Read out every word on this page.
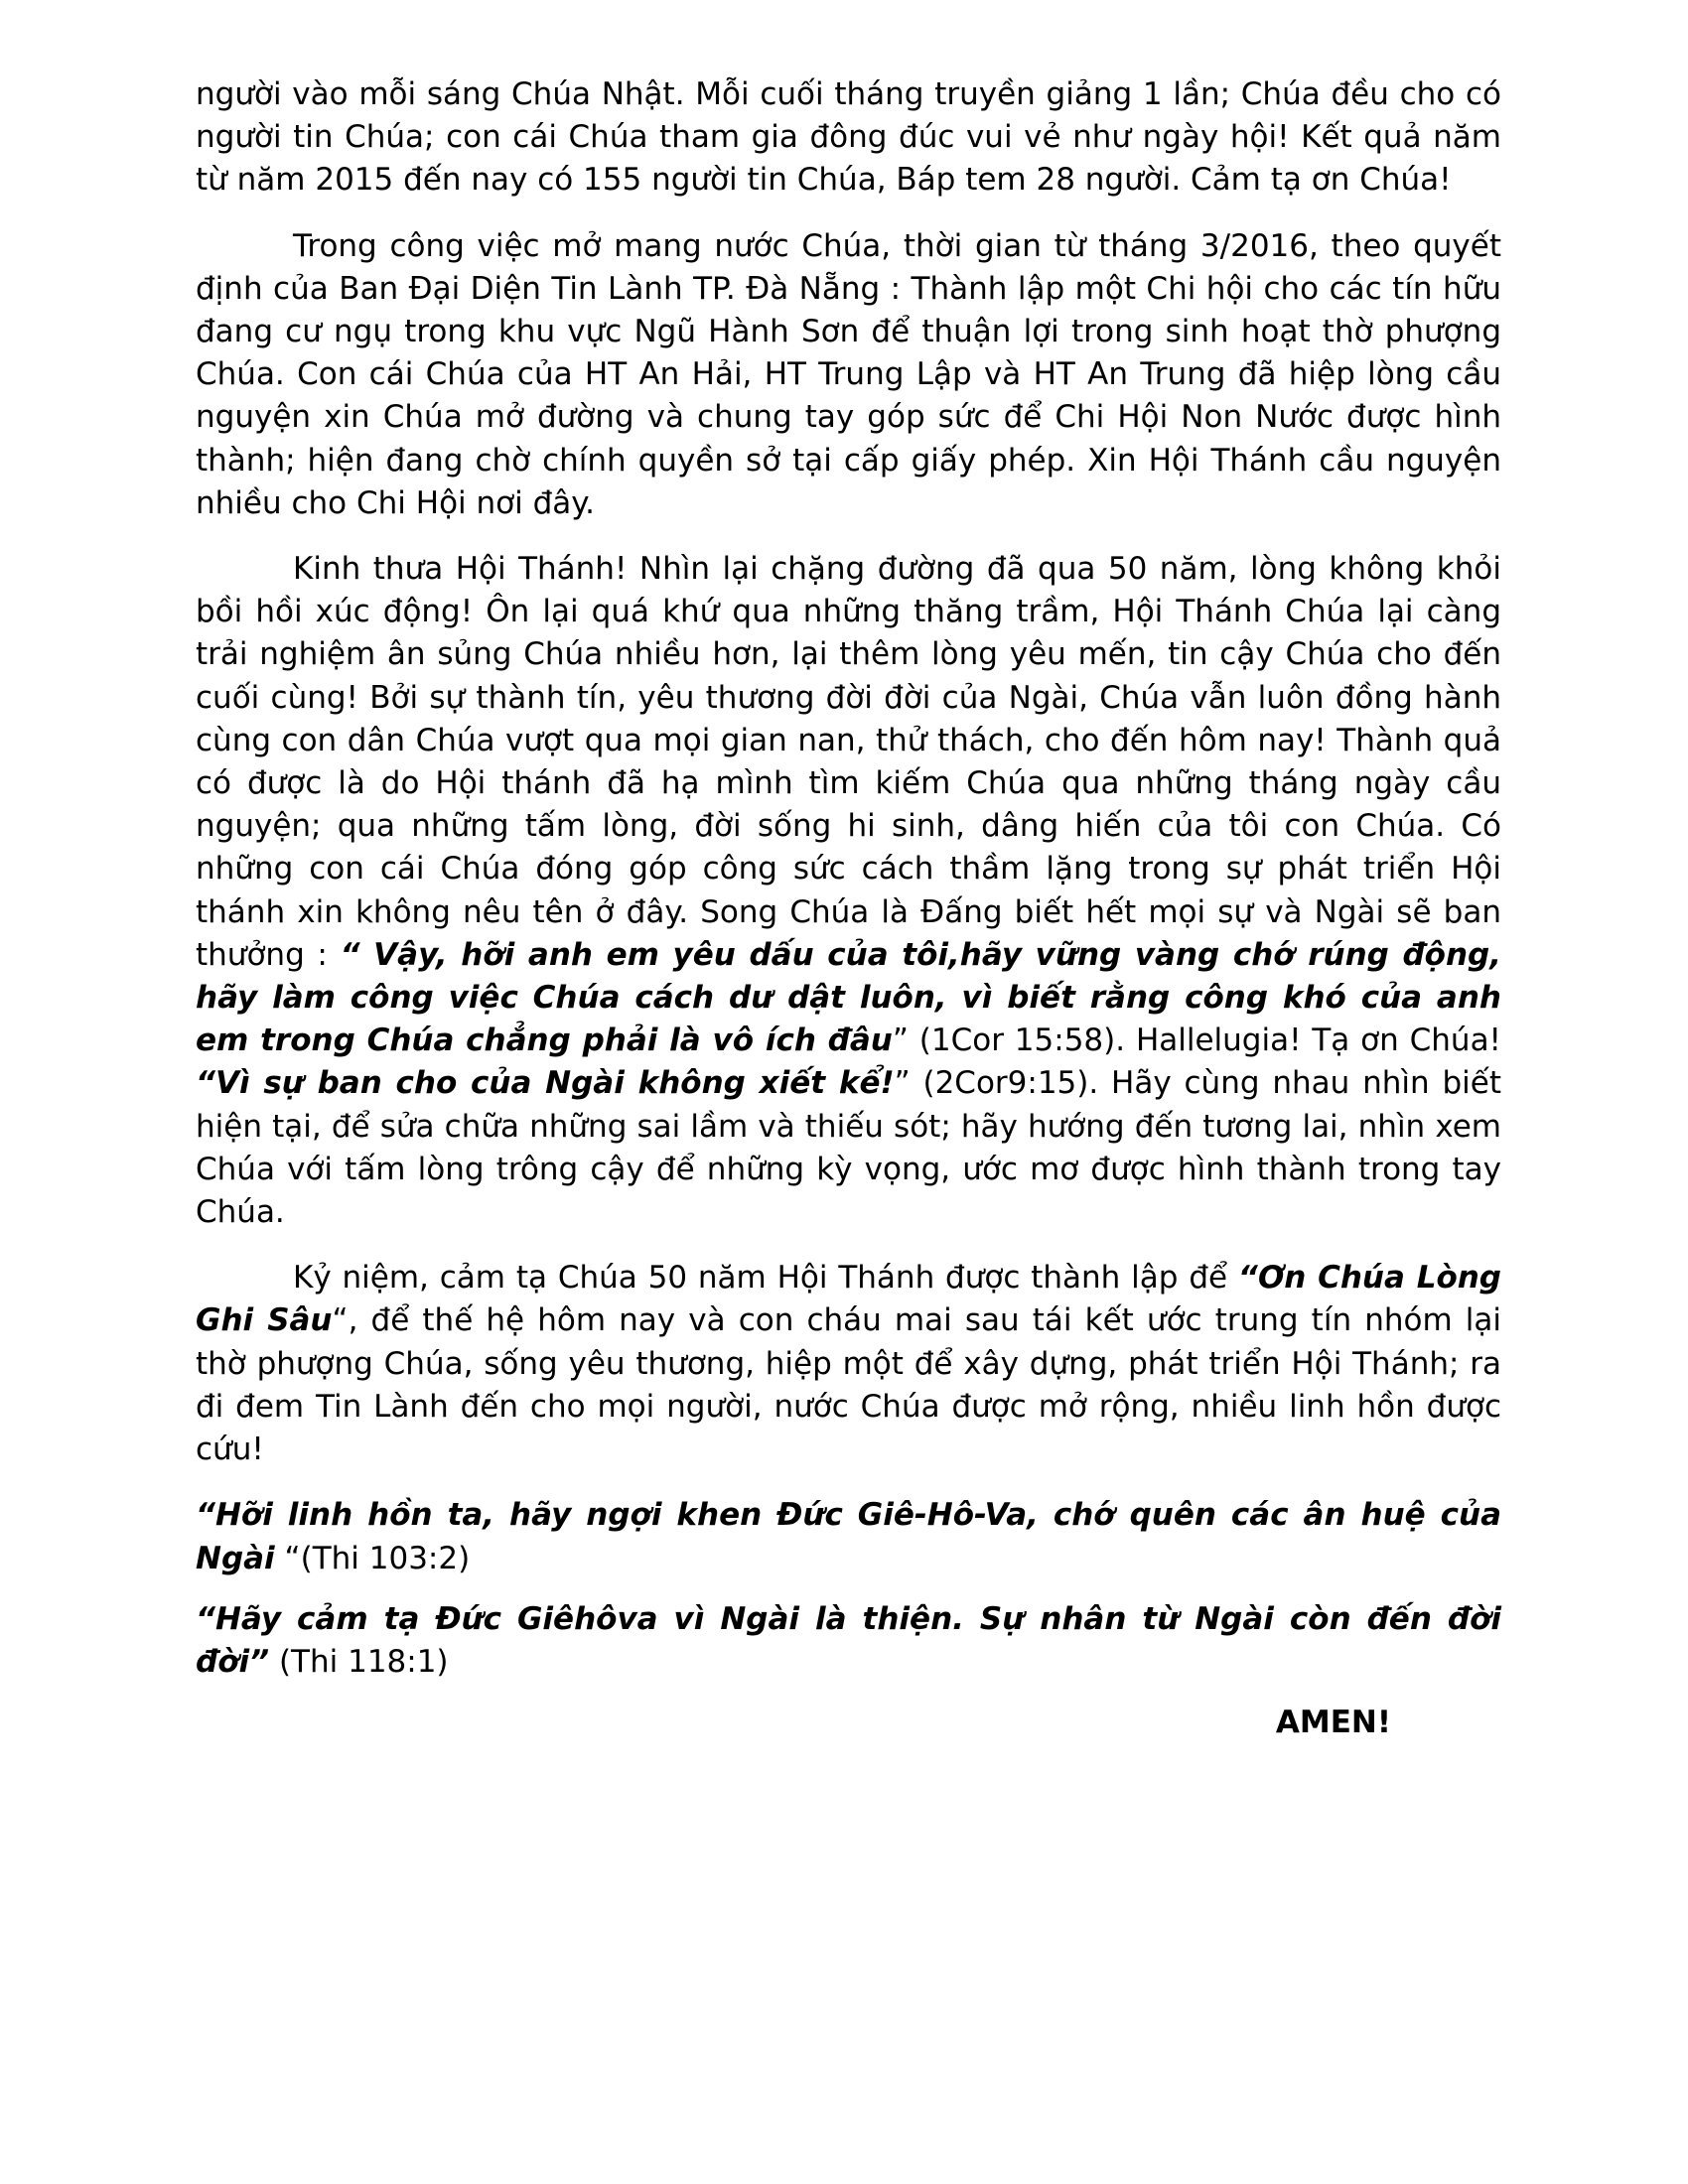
người vào mỗi sáng Chúa Nhật. Mỗi cuối tháng truyền giảng 1 lần; Chúa đều cho có người tin Chúa; con cái Chúa tham gia đông đúc vui vẻ như ngày hội! Kết quả năm từ năm 2015 đến nay có 155 người tin Chúa, Báp tem 28 người. Cảm tạ ơn Chúa!

Trong công việc mở mang nước Chúa, thời gian từ tháng 3/2016, theo quyết định của Ban Đại Diện Tin Lành TP. Đà Nẵng : Thành lập một Chi hội cho các tín hữu đang cư ngụ trong khu vực Ngũ Hành Sơn để thuận lợi trong sinh hoạt thờ phượng Chúa. Con cái Chúa của HT An Hải, HT Trung Lập và HT An Trung đã hiệp lòng cầu nguyện xin Chúa mở đường và chung tay góp sức để Chi Hội Non Nước được hình thành; hiện đang chờ chính quyền sở tại cấp giấy phép. Xin Hội Thánh cầu nguyện nhiều cho Chi Hội nơi đây.

Kinh thưa Hội Thánh! Nhìn lại chặng đường đã qua 50 năm, lòng không khỏi bồi hồi xúc động! Ôn lại quá khứ qua những thăng trầm, Hội Thánh Chúa lại càng trải nghiệm ân sủng Chúa nhiều hơn, lại thêm lòng yêu mến, tin cậy Chúa cho đến cuối cùng! Bởi sự thành tín, yêu thương đời đời của Ngài, Chúa vẫn luôn đồng hành cùng con dân Chúa vượt qua mọi gian nan, thử thách, cho đến hôm nay! Thành quả có được là do Hội thánh đã hạ mình tìm kiếm Chúa qua những tháng ngày cầu nguyện; qua những tấm lòng, đời sống hi sinh, dâng hiến của tôi con Chúa. Có những con cái Chúa đóng góp công sức cách thầm lặng trong sự phát triển Hội thánh xin không nêu tên ở đây. Song Chúa là Đấng biết hết mọi sự và Ngài sẽ ban thưởng : “ Vậy, hỡi anh em yêu dấu của tôi,hãy vững vàng chớ rúng động, hãy làm công việc Chúa cách dư dật luôn, vì biết rằng công khó của anh em trong Chúa chẳng phải là vô ích đâu” (1Cor 15:58). Hallelugia! Tạ ơn Chúa! “Vì sự ban cho của Ngài không xiết kể!” (2Cor9:15). Hãy cùng nhau nhìn biết hiện tại, để sửa chữa những sai lầm và thiếu sót; hãy hướng đến tương lai, nhìn xem Chúa với tấm lòng trông cậy để những kỳ vọng, ước mơ được hình thành trong tay Chúa.

Kỷ niệm, cảm tạ Chúa 50 năm Hội Thánh được thành lập để “Ơn Chúa Lòng Ghi Sâu“, để thế hệ hôm nay và con cháu mai sau tái kết ước trung tín nhóm lại thờ phượng Chúa, sống yêu thương, hiệp một để xây dựng, phát triển Hội Thánh; ra đi đem Tin Lành đến cho mọi người, nước Chúa được mở rộng, nhiều linh hồn được cứu!

“Hỡi linh hồn ta, hãy ngợi khen Đức Giê-Hô-Va, chớ quên các ân huệ của Ngài “(Thi 103:2)

“Hãy cảm tạ Đức Giêhôva vì Ngài là thiện. Sự nhân từ Ngài còn đến đời đời” (Thi 118:1)

AMEN!
